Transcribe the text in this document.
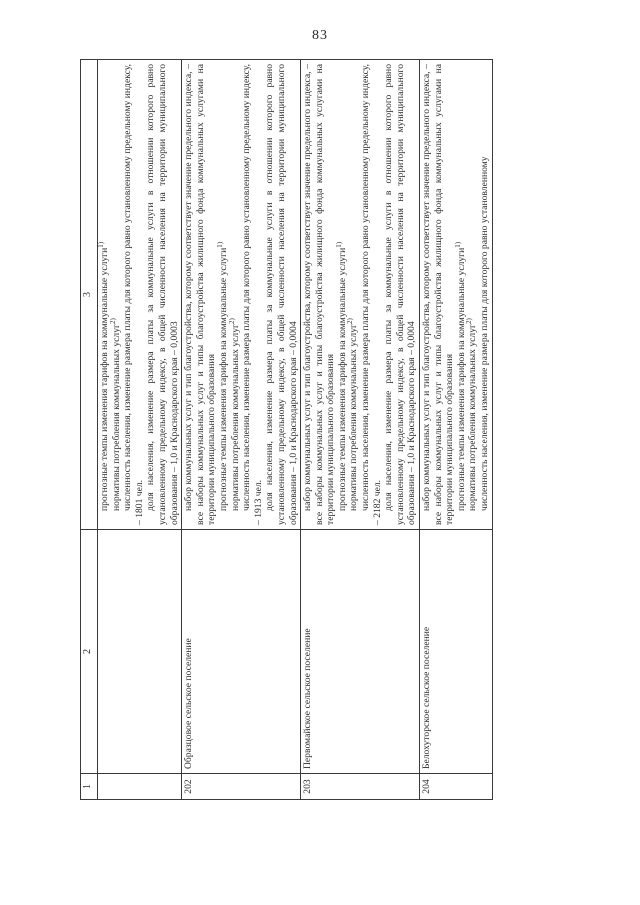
83
1	2	3

		прогнозные темпы изменения тарифов на коммунальные услуги$^{1)}$

нормативы потребления коммунальных услуг$^{2)}$ численность населения, изменение размера платы для которого равно установленному предельному индексу, – 1801 чел. доля населения, изменение размера платы за коммунальные услуги в отношении которого равно установленному предельному индексу, в общей численности населения на территории муниципального образования – 1,0 и Краснодарского края – 0,0003

202	Образцовое сельское поселение	набор коммунальных услуг и тип благоустройства, которому соответствует значение предельного индекса, – все наборы коммунальных услуг и типы благоустройства жилищного фонда коммунальных услугами на территории муниципального образования прогнозные темпы изменения тарифов на коммунальные услуги$^{1)}$

нормативы потребления коммунальных услуг$^{2)}$ численность населения, изменение размера платы для которого равно установленному предельному индексу, – 1913 чел. доля населения, изменение размера платы за коммунальные услуги в отношении которого равно установленному предельному индексу, в общей численности населения на территории муниципального образования – 1,0 и Краснодарского края – 0,0004

203	Первомайское сельское поселение	набор коммунальных услуг и тип благоустройства, которому соответствует значение предельного индекса, – все наборы коммунальных услуг и типы благоустройства жилищного фонда коммунальных услугами на территории муниципального образования прогнозные темпы изменения тарифов на коммунальные услуги$^{1)}$

нормативы потребления коммунальных услуг$^{2)}$ численность населения, изменение размера платы для которого равно установленному предельному индексу, – 2182 чел. доля населения, изменение размера платы за коммунальные услуги в отношении которого равно установленному предельному индексу, в общей численности населения на территории муниципального образования – 1,0 и Краснодарского края – 0,0004

204	Белохуторское сельское поселение	набор коммунальных услуг и тип благоустройства, которому соответствует значение предельного индекса, – все наборы коммунальных услуг и типы благоустройства жилищного фонда коммунальных услугами на территории муниципального образования прогнозные темпы изменения тарифов на коммунальные услуги$^{1)}$

нормативы потребления коммунальных услуг$^{2)}$ численность населения, изменение размера платы для которого равно установленному
